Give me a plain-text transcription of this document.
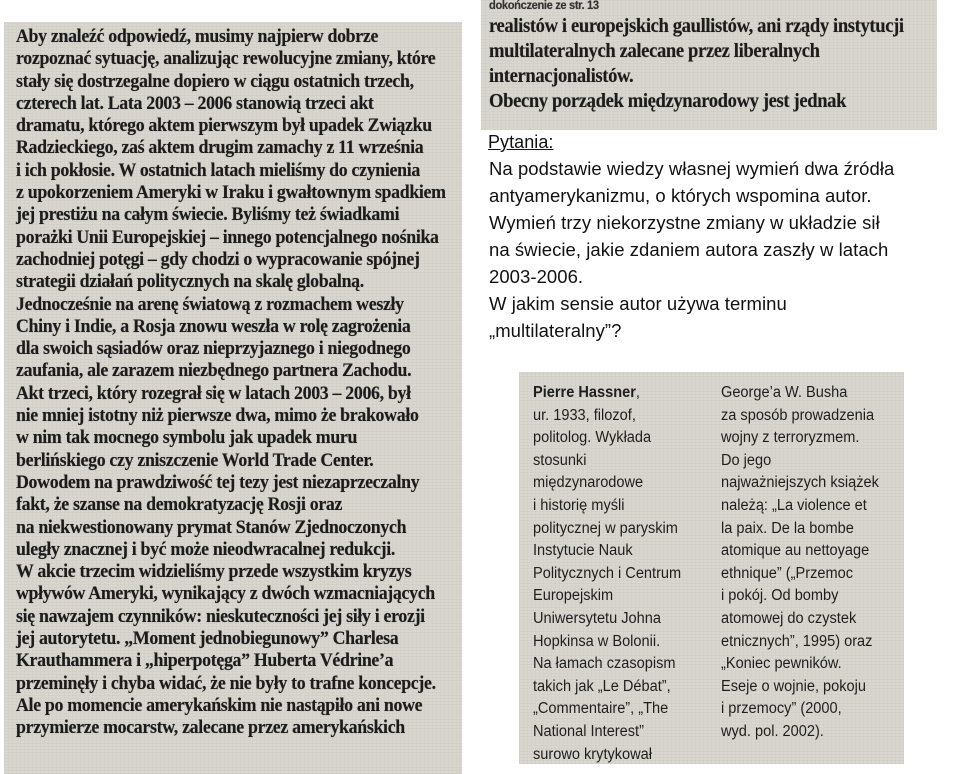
Aby znaleźć odpowiedź, musimy najpierw dobrze

rozpoznać sytuację, analizując rewolucyjne zmiany, które

stały się dostrzegalne dopiero w ciągu ostatnich trzech,

czterech lat. Lata 2003 – 2006 stanowią trzeci akt

dramatu, którego aktem pierwszym był upadek Związku

Radzieckiego, zaś aktem drugim zamachy z 11 września

i ich pokłosie. W ostatnich latach mieliśmy do czynienia

z upokorzeniem Ameryki w Iraku i gwałtownym spadkiem

jej prestiżu na całym świecie. Byliśmy też świadkami

porażki Unii Europejskiej – innego potencjalnego nośnika

zachodniej potęgi – gdy chodzi o wypracowanie spójnej

strategii działań politycznych na skalę globalną.

Jednocześnie na arenę światową z rozmachem weszły

Chiny i Indie, a Rosja znowu weszła w rolę zagrożenia

dla swoich sąsiadów oraz nieprzyjaznego i niegodnego

zaufania, ale zarazem niezbędnego partnera Zachodu.

Akt trzeci, który rozegrał się w latach 2003 – 2006, był

nie mniej istotny niż pierwsze dwa, mimo że brakowało

w nim tak mocnego symbolu jak upadek muru

berlińskiego czy zniszczenie World Trade Center.

Dowodem na prawdziwość tej tezy jest niezaprzeczalny

fakt, że szanse na demokratyzację Rosji oraz

na niekwestionowany prymat Stanów Zjednoczonych

uległy znacznej i być może nieodwracalnej redukcji.

W akcie trzecim widzieliśmy przede wszystkim kryzys

wpływów Ameryki, wynikający z dwóch wzmacniających

się nawzajem czynników: nieskuteczności jej siły i erozji

jej autorytetu. „Moment jednobiegunowy” Charlesa

Krauthammera i „hiperpotęga” Huberta Védrine’a

przeminęły i chyba widać, że nie były to trafne koncepcje.

Ale po momencie amerykańskim nie nastąpiło ani nowe

przymierze mocarstw, zalecane przez amerykańskich

dokończenie ze str. 13

realistów i europejskich gaullistów, ani rządy instytucji

multilateralnych zalecane przez liberalnych

internacjonalistów.

Obecny porządek międzynarodowy jest jednak

Pytania:

Na podstawie wiedzy własnej wymień dwa źródła

antyamerykanizmu, o których wspomina autor.

Wymień trzy niekorzystne zmiany w układzie sił

na świecie, jakie zdaniem autora zaszły w latach

2003-2006.

W jakim sensie autor używa terminu

„multilateralny”?

Pierre Hassner,

ur. 1933, filozof,

politolog. Wykłada

stosunki

międzynarodowe

i historię myśli

politycznej w paryskim

Instytucie Nauk

Politycznych i Centrum

Europejskim

Uniwersytetu Johna

Hopkinsa w Bolonii.

Na łamach czasopism

takich jak „Le Débat”,

„Commentaire”, „The

National Interest”

surowo krytykował

George’a W. Busha

za sposób prowadzenia

wojny z terroryzmem.

Do jego

najważniejszych książek

należą: „La violence et

la paix. De la bombe

atomique au nettoyage

ethnique” („Przemoc

i pokój. Od bomby

atomowej do czystek

etnicznych”, 1995) oraz

„Koniec pewników.

Eseje o wojnie, pokoju

i przemocy” (2000,

wyd. pol. 2002).
